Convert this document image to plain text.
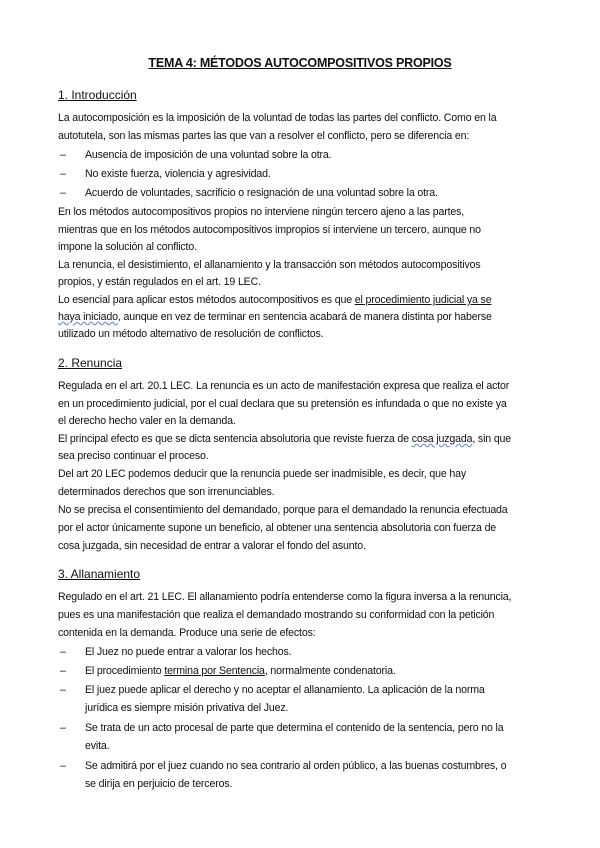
TEMA 4: MÉTODOS AUTOCOMPOSITIVOS PROPIOS
1. Introducción
La autocomposición es la imposición de la voluntad de todas las partes del conflicto. Como en la
autotutela, son las mismas partes las que van a resolver el conflicto, pero se diferencia en:
– Ausencia de imposición de una voluntad sobre la otra.
– No existe fuerza, violencia y agresividad.
– Acuerdo de voluntades, sacrificio o resignación de una voluntad sobre la otra.
En los métodos autocompositivos propios no interviene ningún tercero ajeno a las partes,
mientras que en los métodos autocompositivos impropios sí interviene un tercero, aunque no
impone la solución al conflicto.
La renuncia, el desistimiento, el allanamiento y la transacción son métodos autocompositivos
propios, y están regulados en el art. 19 LEC.
Lo esencial para aplicar estos métodos autocompositivos es que el procedimiento judicial ya se
haya iniciado, aunque en vez de terminar en sentencia acabará de manera distinta por haberse
utilizado un método alternativo de resolución de conflictos.
2. Renuncia
Regulada en el art. 20.1 LEC. La renuncia es un acto de manifestación expresa que realiza el actor
en un procedimiento judicial, por el cual declara que su pretensión es infundada o que no existe ya
el derecho hecho valer en la demanda.
El principal efecto es que se dicta sentencia absolutoria que reviste fuerza de cosa juzgada, sin que
sea preciso continuar el proceso.
Del art 20 LEC podemos deducir que la renuncia puede ser inadmisible, es decir, que hay
determinados derechos que son irrenunciables.
No se precisa el consentimiento del demandado, porque para el demandado la renuncia efectuada
por el actor únicamente supone un beneficio, al obtener una sentencia absolutoria con fuerza de
cosa juzgada, sin necesidad de entrar a valorar el fondo del asunto.
3. Allanamiento
Regulado en el art. 21 LEC. El allanamiento podría entenderse como la figura inversa a la renuncia,
pues es una manifestación que realiza el demandado mostrando su conformidad con la petición
contenida en la demanda. Produce una serie de efectos:
– El Juez no puede entrar a valorar los hechos.
– El procedimiento termina por Sentencia, normalmente condenatoria.
– El juez puede aplicar el derecho y no aceptar el allanamiento. La aplicación de la norma
jurídica es siempre misión privativa del Juez.
– Se trata de un acto procesal de parte que determina el contenido de la sentencia, pero no la
evita.
– Se admitirá por el juez cuando no sea contrario al orden público, a las buenas costumbres, o
se dirija en perjuicio de terceros.
